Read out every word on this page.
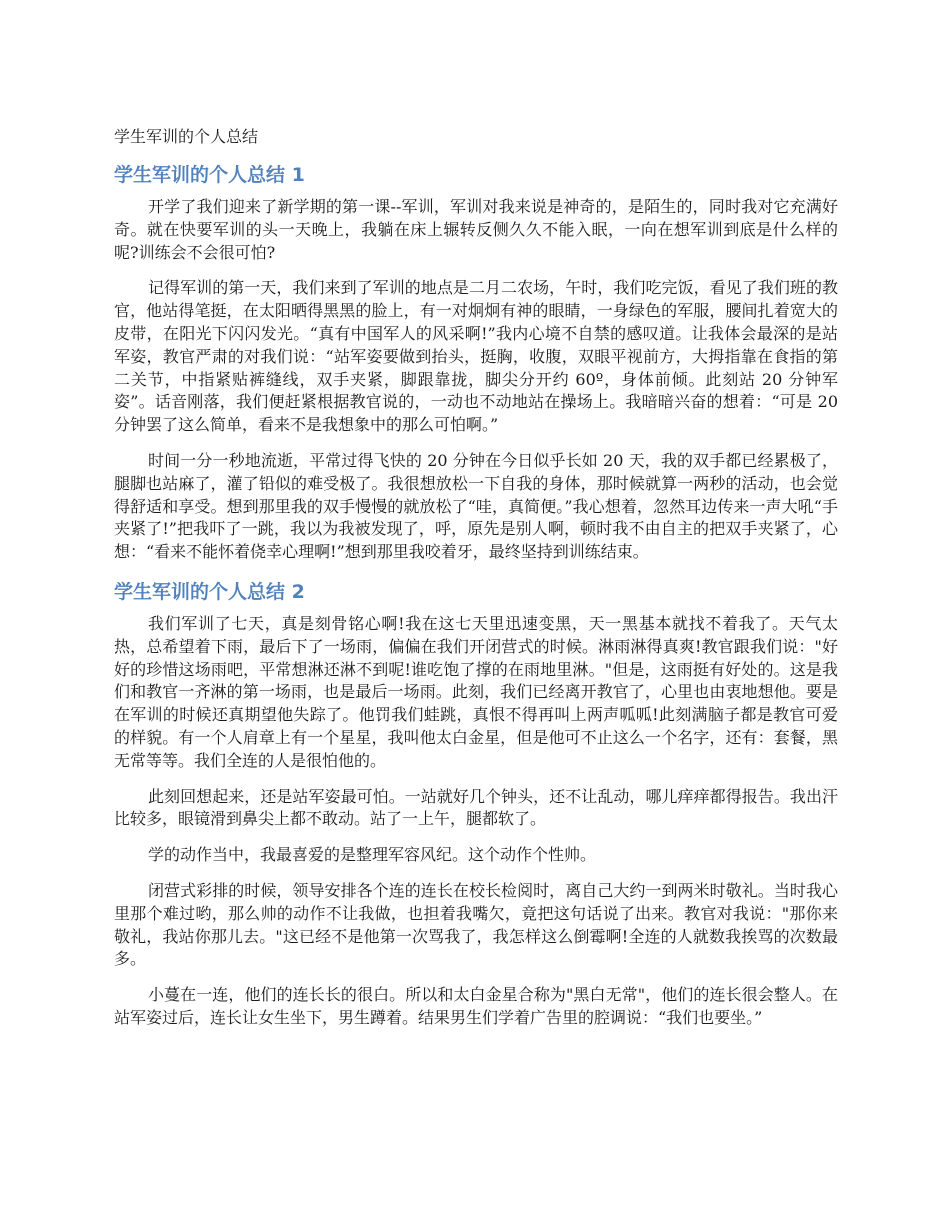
学生军训的个人总结
学生军训的个人总结 1

开学了我们迎来了新学期的第一课--军训，军训对我来说是神奇的，是陌生的，同时我对它充满好奇。就在快要军训的头一天晚上，我躺在床上辗转反侧久久不能入眠，一向在想军训到底是什么样的呢?训练会不会很可怕?

记得军训的第一天，我们来到了军训的地点是二月二农场，午时，我们吃完饭，看见了我们班的教官，他站得笔挺，在太阳晒得黑黑的脸上，有一对炯炯有神的眼睛，一身绿色的军服，腰间扎着宽大的皮带，在阳光下闪闪发光。“真有中国军人的风采啊!”我内心境不自禁的感叹道。让我体会最深的是站军姿，教官严肃的对我们说：“站军姿要做到抬头，挺胸，收腹，双眼平视前方，大拇指靠在食指的第二关节，中指紧贴裤缝线，双手夹紧，脚跟靠拢，脚尖分开约 60º，身体前倾。此刻站 20 分钟军姿”。话音刚落，我们便赶紧根据教官说的，一动也不动地站在操场上。我暗暗兴奋的想着：“可是 20 分钟罢了这么简单，看来不是我想象中的那么可怕啊。”

时间一分一秒地流逝，平常过得飞快的 20 分钟在今日似乎长如 20 天，我的双手都已经累极了，腿脚也站麻了，灌了铅似的难受极了。我很想放松一下自我的身体，那时候就算一两秒的活动，也会觉得舒适和享受。想到那里我的双手慢慢的就放松了“哇，真简便。”我心想着，忽然耳边传来一声大吼“手夹紧了!”把我吓了一跳，我以为我被发现了，呼，原先是别人啊，顿时我不由自主的把双手夹紧了，心想：“看来不能怀着侥幸心理啊!”想到那里我咬着牙，最终坚持到训练结束。

学生军训的个人总结 2

我们军训了七天，真是刻骨铭心啊!我在这七天里迅速变黑，天一黑基本就找不着我了。天气太热，总希望着下雨，最后下了一场雨，偏偏在我们开闭营式的时候。淋雨淋得真爽!教官跟我们说："好好的珍惜这场雨吧，平常想淋还淋不到呢!谁吃饱了撑的在雨地里淋。"但是，这雨挺有好处的。这是我们和教官一齐淋的第一场雨，也是最后一场雨。此刻，我们已经离开教官了，心里也由衷地想他。要是在军训的时候还真期望他失踪了。他罚我们蛙跳，真恨不得再叫上两声呱呱!此刻满脑子都是教官可爱的样貌。有一个人肩章上有一个星星，我叫他太白金星，但是他可不止这么一个名字，还有：套餐，黑无常等等。我们全连的人是很怕他的。

此刻回想起来，还是站军姿最可怕。一站就好几个钟头，还不让乱动，哪儿痒痒都得报告。我出汗比较多，眼镜滑到鼻尖上都不敢动。站了一上午，腿都软了。

学的动作当中，我最喜爱的是整理军容风纪。这个动作个性帅。

闭营式彩排的时候，领导安排各个连的连长在校长检阅时，离自己大约一到两米时敬礼。当时我心里那个难过哟，那么帅的动作不让我做，也担着我嘴欠，竟把这句话说了出来。教官对我说："那你来敬礼，我站你那儿去。"这已经不是他第一次骂我了，我怎样这么倒霉啊!全连的人就数我挨骂的次数最多。

小蔓在一连，他们的连长长的很白。所以和太白金星合称为"黑白无常"，他们的连长很会整人。在站军姿过后，连长让女生坐下，男生蹲着。结果男生们学着广告里的腔调说：“我们也要坐。”
